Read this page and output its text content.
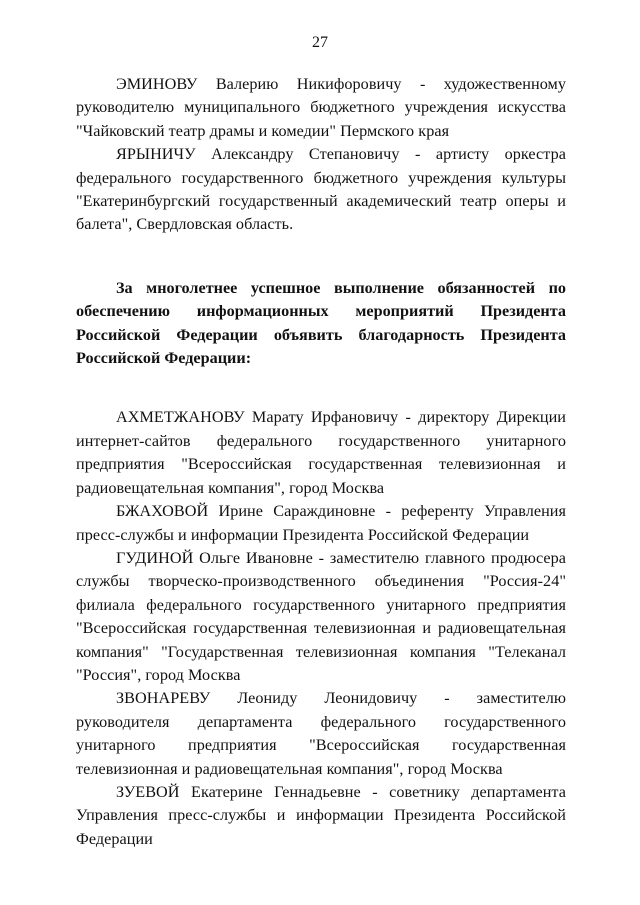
27

ЭМИНОВУ Валерию Никифоровичу - художественному руководителю муниципального бюджетного учреждения искусства "Чайковский театр драмы и комедии" Пермского края

ЯРЫНИЧУ Александру Степановичу - артисту оркестра федерального государственного бюджетного учреждения культуры "Екатеринбургский государственный академический театр оперы и балета", Свердловская область.

За многолетнее успешное выполнение обязанностей по обеспечению информационных мероприятий Президента Российской Федерации объявить благодарность Президента Российской Федерации:

АХМЕТЖАНОВУ Марату Ирфановичу - директору Дирекции интернет-сайтов федерального государственного унитарного предприятия "Всероссийская государственная телевизионная и радиовещательная компания", город Москва

БЖАХОВОЙ Ирине Сараждиновне - референту Управления пресс-службы и информации Президента Российской Федерации

ГУДИНОЙ Ольге Ивановне - заместителю главного продюсера службы творческо-производственного объединения "Россия-24" филиала федерального государственного унитарного предприятия "Всероссийская государственная телевизионная и радиовещательная компания" "Государственная телевизионная компания "Телеканал "Россия", город Москва

ЗВОНАРЕВУ Леониду Леонидовичу - заместителю руководителя департамента федерального государственного унитарного предприятия "Всероссийская государственная телевизионная и радиовещательная компания", город Москва

ЗУЕВОЙ Екатерине Геннадьевне - советнику департамента Управления пресс-службы и информации Президента Российской Федерации
